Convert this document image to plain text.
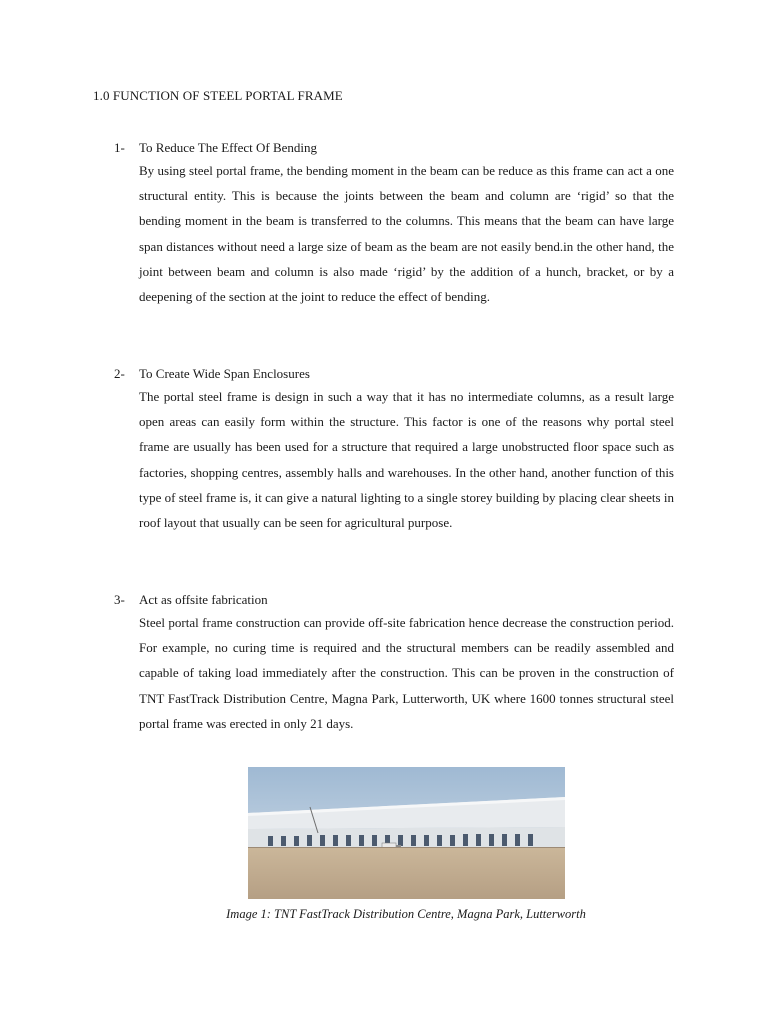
1.0 FUNCTION OF STEEL PORTAL FRAME
1- To Reduce The Effect Of Bending

By using steel portal frame, the bending moment in the beam can be reduce as this frame can act a one structural entity. This is because the joints between the beam and column are ‘rigid’ so that the bending moment in the beam is transferred to the columns. This means that the beam can have large span distances without need a large size of beam as the beam are not easily bend.in the other hand, the joint between beam and column is also made ‘rigid’ by the addition of a hunch, bracket, or by a deepening of the section at the joint to reduce the effect of bending.

2- To Create Wide Span Enclosures

The portal steel frame is design in such a way that it has no intermediate columns, as a result large open areas can easily form within the structure. This factor is one of the reasons why portal steel frame are usually has been used for a structure that required a large unobstructed floor space such as factories, shopping centres, assembly halls and warehouses. In the other hand, another function of this type of steel frame is, it can give a natural lighting to a single storey building by placing clear sheets in roof layout that usually can be seen for agricultural purpose.

3- Act as offsite fabrication

Steel portal frame construction can provide off-site fabrication hence decrease the construction period. For example, no curing time is required and the structural members can be readily assembled and capable of taking load immediately after the construction. This can be proven in the construction of TNT FastTrack Distribution Centre, Magna Park, Lutterworth, UK where 1600 tonnes structural steel portal frame was erected in only 21 days.

Image 1: TNT FastTrack Distribution Centre, Magna Park, Lutterworth
